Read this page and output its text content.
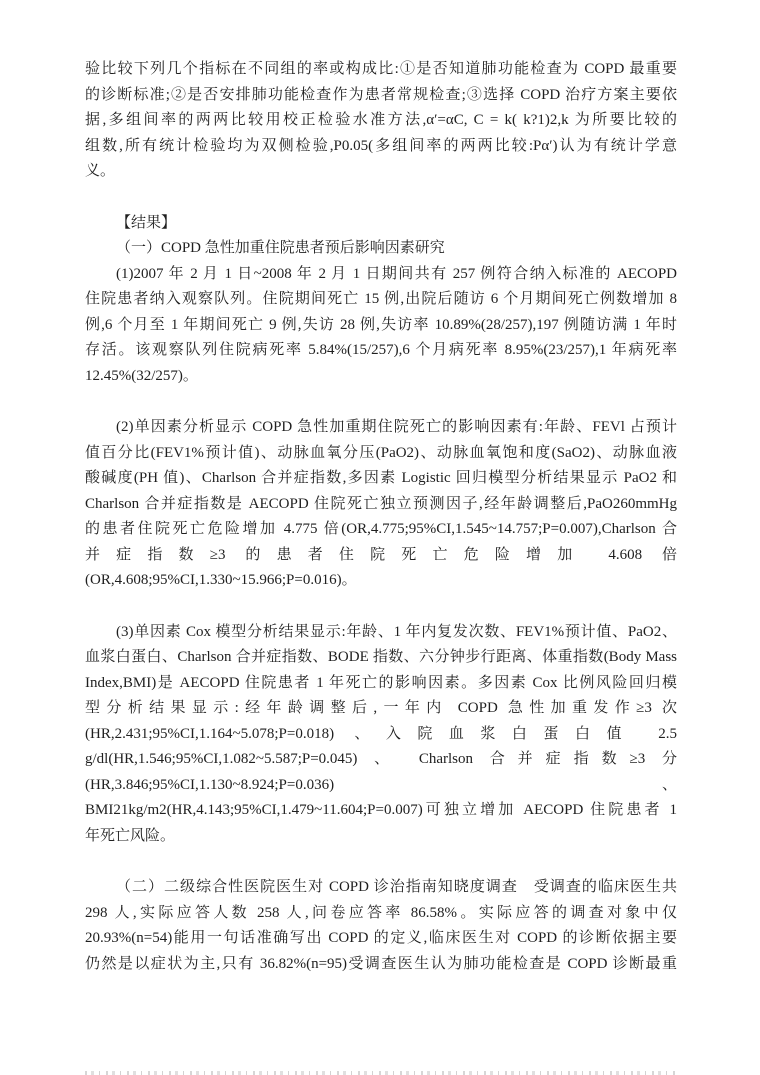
验比较下列几个指标在不同组的率或构成比:①是否知道肺功能检查为 COPD 最重要
的诊断标准;②是否安排肺功能检查作为患者常规检查;③选择 COPD 治疗方案主要依
据,多组间率的两两比较用校正检验水准方法,α′=αC, C = k( k?1)2,k 为所要比较的
组数,所有统计检验均为双侧检验,P0.05(多组间率的两两比较:Pα′)认为有统计学意
义。
【结果】
（一）COPD 急性加重住院患者预后影响因素研究
(1)2007 年 2 月 1 日~2008 年 2 月 1 日期间共有 257 例符合纳入标准的 AECOPD
住院患者纳入观察队列。住院期间死亡 15 例,出院后随访 6 个月期间死亡例数增加 8
例,6 个月至 1 年期间死亡 9 例,失访 28 例,失访率 10.89%(28/257),197 例随访满 1 年时
存活。该观察队列住院病死率 5.84%(15/257),6 个月病死率 8.95%(23/257),1 年病死率
12.45%(32/257)。
(2)单因素分析显示 COPD 急性加重期住院死亡的影响因素有:年龄、FEVl 占预计
值百分比(FEV1%预计值)、动脉血氧分压(PaO2)、动脉血氧饱和度(SaO2)、动脉血液
酸碱度(PH 值)、Charlson 合并症指数,多因素 Logistic 回归模型分析结果显示 PaO2 和
Charlson 合并症指数是 AECOPD 住院死亡独立预测因子,经年龄调整后,PaO260mmHg
的患者住院死亡危险增加 4.775 倍(OR,4.775;95%CI,1.545~14.757;P=0.007),Charlson 合
并症指数≥3 的患者住院死亡危险增加 4.608 倍
(OR,4.608;95%CI,1.330~15.966;P=0.016)。
(3)单因素 Cox 模型分析结果显示:年龄、1 年内复发次数、FEV1%预计值、PaO2、
血浆白蛋白、Charlson 合并症指数、BODE 指数、六分钟步行距离、体重指数(Body Mass
Index,BMI)是 AECOPD 住院患者 1 年死亡的影响因素。多因素 Cox 比例风险回归模
型分析结果显示:经年龄调整后,一年内 COPD 急性加重发作≥3 次
(HR,2.431;95%CI,1.164~5.078;P=0.018) 、入院血浆白蛋白值 2.5
g/dl(HR,1.546;95%CI,1.082~5.587;P=0.045) 、 Charlson 合并症指数≥3 分
(HR,3.846;95%CI,1.130~8.924;P=0.036) 、
BMI21kg/m2(HR,4.143;95%CI,1.479~11.604;P=0.007)可独立增加 AECOPD 住院患者 1
年死亡风险。
（二）二级综合性医院医生对 COPD 诊治指南知晓度调查　受调查的临床医生共
298 人,实际应答人数 258 人,问卷应答率 86.58%。实际应答的调查对象中仅
20.93%(n=54)能用一句话准确写出 COPD 的定义,临床医生对 COPD 的诊断依据主要
仍然是以症状为主,只有 36.82%(n=95)受调查医生认为肺功能检查是 COPD 诊断最重
